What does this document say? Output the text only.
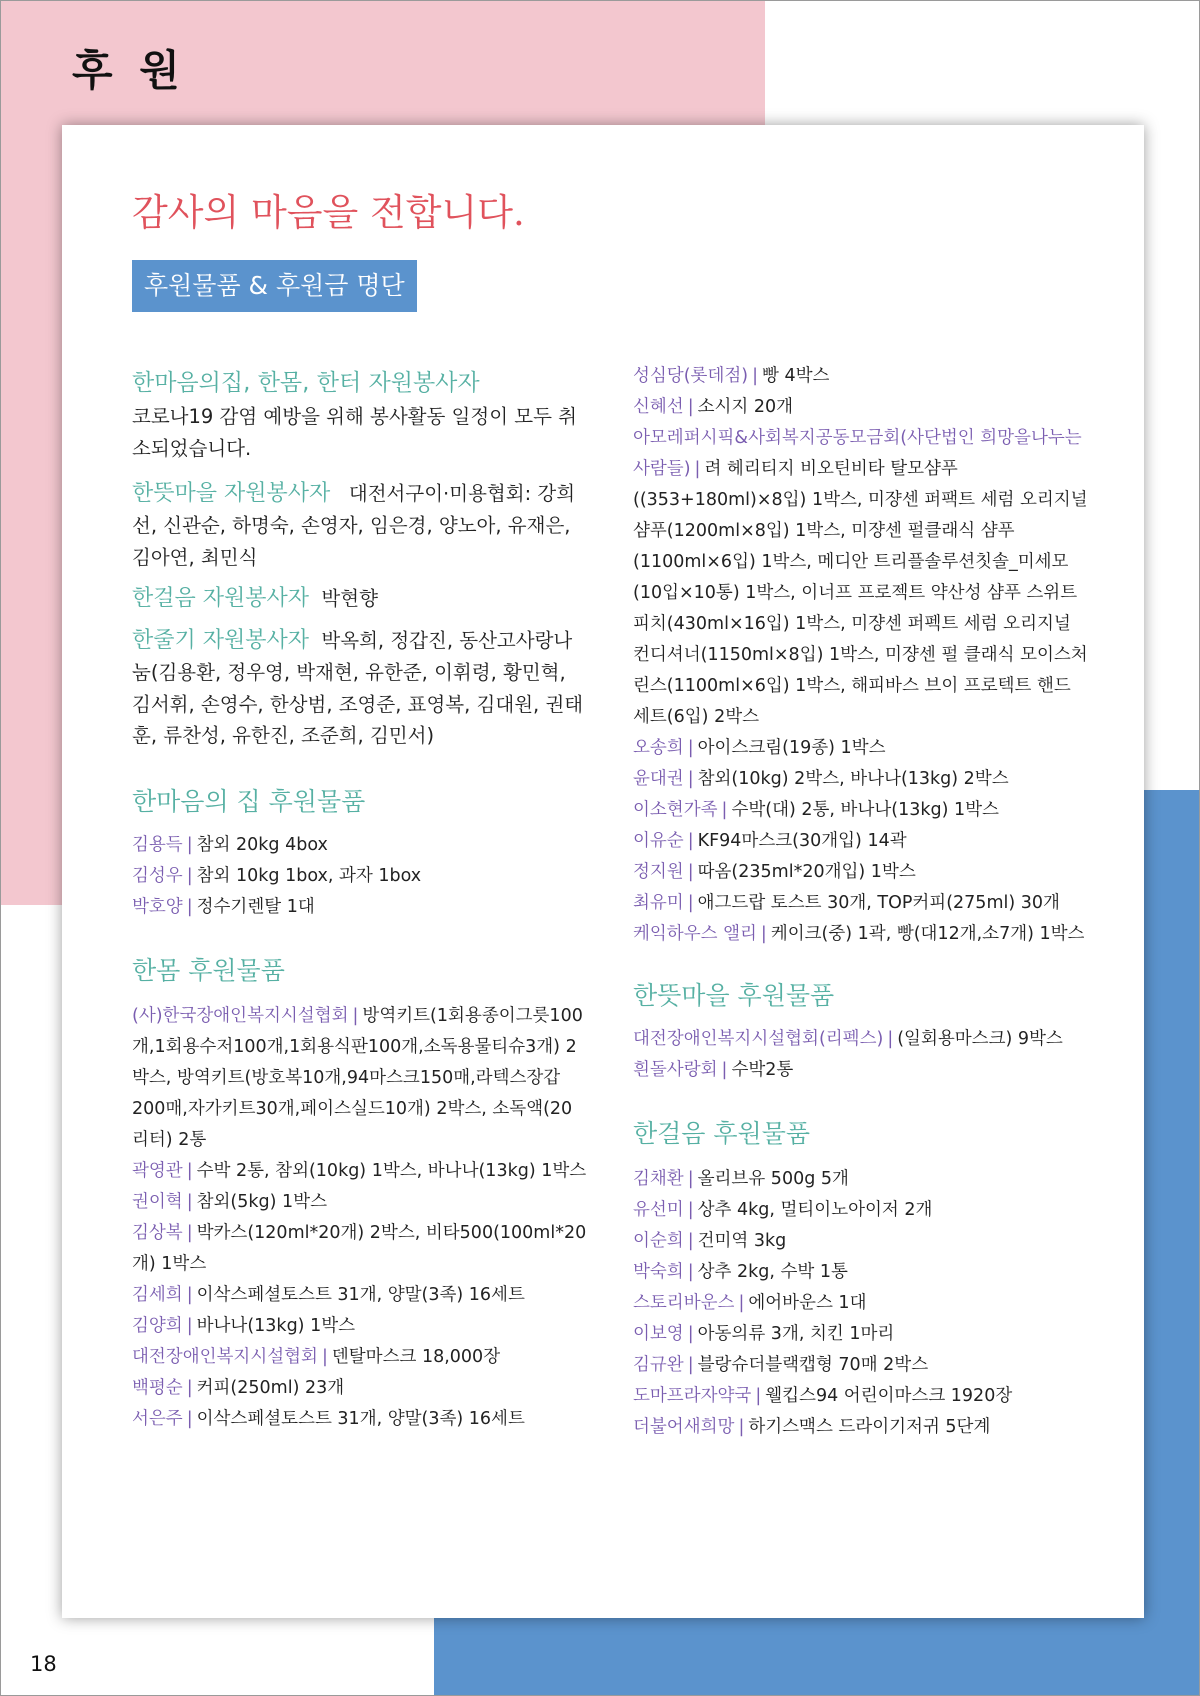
후 원
감사의 마음을 전합니다.
후원물품 & 후원금 명단

한마음의집, 한몸, 한터 자원봉사자

코로나19 감염 예방을 위해 봉사활동 일정이 모두 취소되었습니다.

한뜻마을 자원봉사자 대전서구이·미용협회: 강희선, 신관순, 하명숙, 손영자, 임은경, 양노아, 유재은, 김아연, 최민식

한걸음 자원봉사자 박현향

한줄기 자원봉사자 박옥희, 정갑진, 동산고사랑나눔(김용환, 정우영, 박재현, 유한준, 이휘령, 황민혁, 김서휘, 손영수, 한상범, 조영준, 표영복, 김대원, 권태훈, 류찬성, 유한진, 조준희, 김민서)

한마음의 집 후원물품

김용득 | 참외 20kg 4box

김성우 | 참외 10kg 1box, 과자 1box

박호양 | 정수기렌탈 1대

한몸 후원물품

(사)한국장애인복지시설협회 | 방역키트(1회용종이그릇100개,1회용수저100개,1회용식판100개,소독용물티슈3개) 2박스, 방역키트(방호복10개,94마스크150매,라텍스장갑200매,자가키트30개,페이스실드10개) 2박스, 소독액(20리터) 2통

곽영관 | 수박 2통, 참외(10kg) 1박스, 바나나(13kg) 1박스

권이혁 | 참외(5kg) 1박스

김상복 | 박카스(120ml*20개) 2박스, 비타500(100ml*20개) 1박스

김세희 | 이삭스페셜토스트 31개, 양말(3족) 16세트

김양희 | 바나나(13kg) 1박스

대전장애인복지시설협회 | 덴탈마스크 18,000장

백평순 | 커피(250ml) 23개

서은주 | 이삭스페셜토스트 31개, 양말(3족) 16세트

성심당(롯데점) | 빵 4박스

신혜선 | 소시지 20개

아모레퍼시픽&사회복지공동모금회(사단법인 희망을나누는사람들) | 려 헤리티지 비오틴비타 탈모샴푸((353+180ml)×8입) 1박스, 미쟝센 퍼팩트 세럼 오리지널 샴푸(1200ml×8입) 1박스, 미쟝센 펄클래식 샴푸(1100ml×6입) 1박스, 메디안 트리플솔루션칫솔_미세모(10입×10통) 1박스, 이너프 프로젝트 약산성 샴푸 스위트 피치(430ml×16입) 1박스, 미쟝센 퍼펙트 세럼 오리지널 컨디셔너(1150ml×8입) 1박스, 미쟝센 펄 클래식 모이스처 린스(1100ml×6입) 1박스, 해피바스 브이 프로텍트 핸드 세트(6입) 2박스

오송희 | 아이스크림(19종) 1박스

윤대권 | 참외(10kg) 2박스, 바나나(13kg) 2박스

이소현가족 | 수박(대) 2통, 바나나(13kg) 1박스

이유순 | KF94마스크(30개입) 14곽

정지원 | 따옴(235ml*20개입) 1박스

최유미 | 애그드랍 토스트 30개, TOP커피(275ml) 30개

케익하우스 앨리 | 케이크(중) 1곽, 빵(대12개,소7개) 1박스

한뜻마을 후원물품

대전장애인복지시설협회(리펙스) | (일회용마스크) 9박스

흰돌사랑회 | 수박2통

한걸음 후원물품

김채환 | 올리브유 500g 5개

유선미 | 상추 4kg, 멀티이노아이저 2개

이순희 | 건미역 3kg

박숙희 | 상추 2kg, 수박 1통

스토리바운스 | 에어바운스 1대

이보영 | 아동의류 3개, 치킨 1마리

김규완 | 블랑슈더블랙캡형 70매 2박스

도마프라자약국 | 웰킵스94 어린이마스크 1920장

더불어새희망 | 하기스맥스 드라이기저귀 5단계

18
